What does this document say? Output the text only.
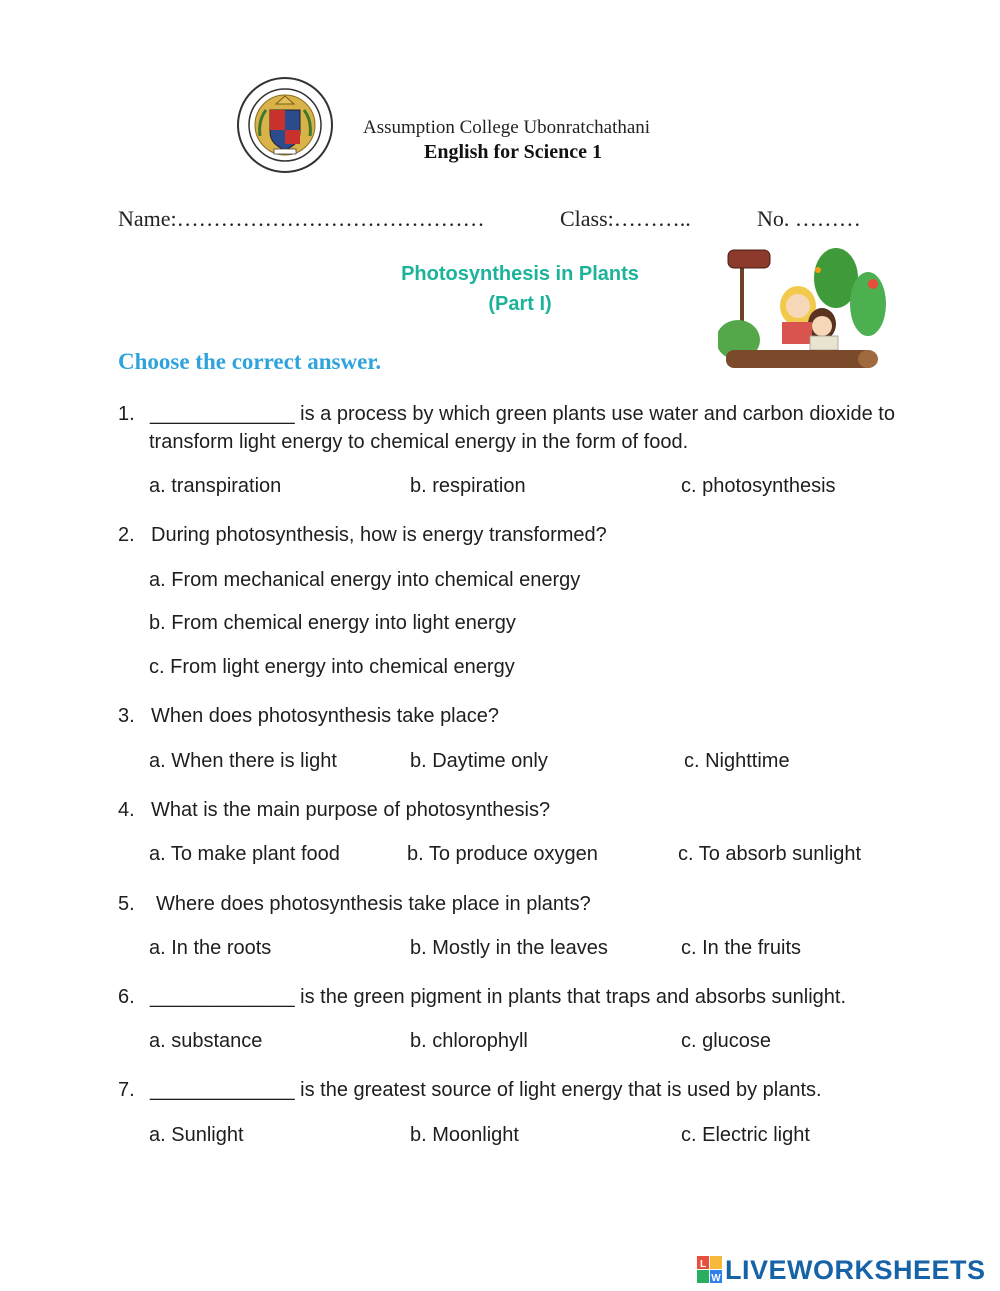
Assumption College Ubonratchathani
English for Science 1
Name:……………………………………	Class:………..	No. ………
Photosynthesis in Plants
(Part I)
Choose the correct answer.
1. _____________ is a process by which green plants use water and carbon dioxide to
transform light energy to chemical energy in the form of food.
a. transpiration	b. respiration	c. photosynthesis
2. During photosynthesis, how is energy transformed?
a. From mechanical energy into chemical energy
b. From chemical energy into light energy
c. From light energy into chemical energy
3. When does photosynthesis take place?
a. When there is light	b. Daytime only	c. Nighttime
4. What is the main purpose of photosynthesis?
a. To make plant food	b. To produce oxygen	c. To absorb sunlight
5. Where does photosynthesis take place in plants?
a. In the roots	b. Mostly in the leaves	c. In the fruits
6. _____________ is the green pigment in plants that traps and absorbs sunlight.
a. substance	b. chlorophyll	c. glucose
7. _____________ is the greatest source of light energy that is used by plants.
a. Sunlight	b. Moonlight	c. Electric light
L
W LIVEWORKSHEETS
